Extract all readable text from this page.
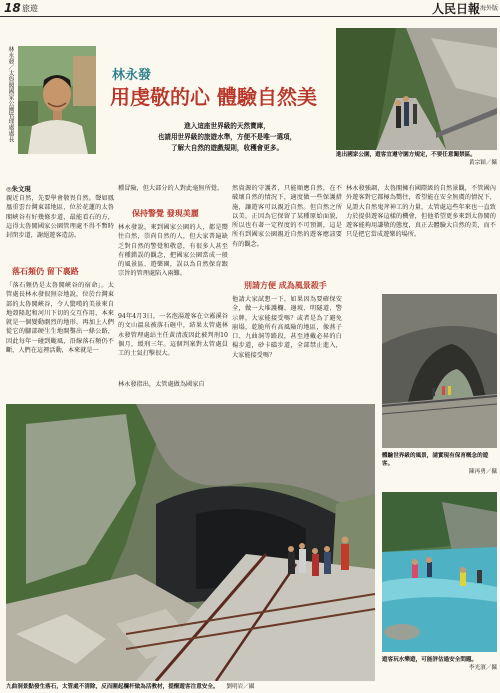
18 旅遊	人民日報 海外版
林永發／太魯閣國家公園管理處處長	林永發
用虔敬的心 體驗自然美
進入這座世界級的天然寶庫，
也請用世界級的旅遊水準，方便不是唯一選項，
了解大自然的遊戲規則，收穫會更多。
進出國家公園，遊客宜遵守園方規定，不要任意闖禁區。
黃宗穎／攝
◎朱文現
親近自然，先要學會敬畏自然。聲如鳳凰重雲台灣東部地區，位於花蓮的太魯閣峽谷有好幾條步道，最能看石的方，這得太魯閣國家公園管理處不得不暫時封閉步道，謝絕遊客造訪。
落石頻仍 留下裏路
「落石頻仍是太魯閣峽谷的宿命」。太管處長林永發很無奈地說，位於台灣東部的太魯閣峽谷，令人驚嘆的美景來自地殼隆起和河川下切的交互作用，本來就是一個變動劇烈的地形，再加上人們從它的腳部硬生生地開鑿出一條公路，因此每年一碰到颱風，沿線落石頻仍不斷，人們在這裡活動，本來就是一
種冒險，但大部分的人對此毫無所覺。
保持警覺 發現美麗
林永發說，來到國家公園的人，都是嚮往自然，崇尚自然的人，但大家普遍缺乏對自然的警覺和敬意，有很多人甚至有種錯誤的觀念，把國家公園當成一般的風景區、遊樂園，誤以為自然保育跟宗旨的管理處陷入兩難。
94年4月3日，一名泡湯遊客在立霧溪谷的文山溫泉被落石砸中，結果太管處林永發管理處站主任黃清波因此被判刑10個月，緩刑三年。這個判案對太管處員工的士氣打擊很大。
林永發指出，太管處做為國家自
然資源的守護者，只能順應自然，在不破壞自然的情況下，適度做一些保護措施，讓遊客可以親近自然。但自然之所以美，正因為它保留了某種原始面貌，所以也有著一定程度的不可預測，這是所有到國家公園親近自然的遊客應該要有的觀念。
別請方便 成為風景殺手
他請大家試想一下，如果因為要確保安全，做一大堆護欄、邊坡、明隧道、警示牌，大家能接受嗎？或者是為了避免崩塌，乾脆所有高風險的地區，像燕子口、九曲洞等路段，甚至連戴必昇的白楊步道，砂卡礑步道，全部禁止進入，大家能接受嗎？
林永發強調，太魯閣擁有國際級的自然景觀，不管國內外遊客對它都極為嚮往，希望能在安全無虞的情況下，見證大自然鬼斧神工的力量，太管處這些年來也一直致力於提供遊客這樣的機會，但他希望更多來到太魯閣的遊客能夠用謙敬的態度，真正去體驗大自然的美，而不只是把它當成遊樂的場所。
體驗世界級的風景，請實現有保育概念的遊客。
陳再勇／攝
遊客玩水樂遊，可能評估過安全問題。
李光濱／攝
九曲洞景點發生落石，太管處不清除，反而圍起欄杆做為活教材，提醒遊客注意安全。 劉明岩／攝
